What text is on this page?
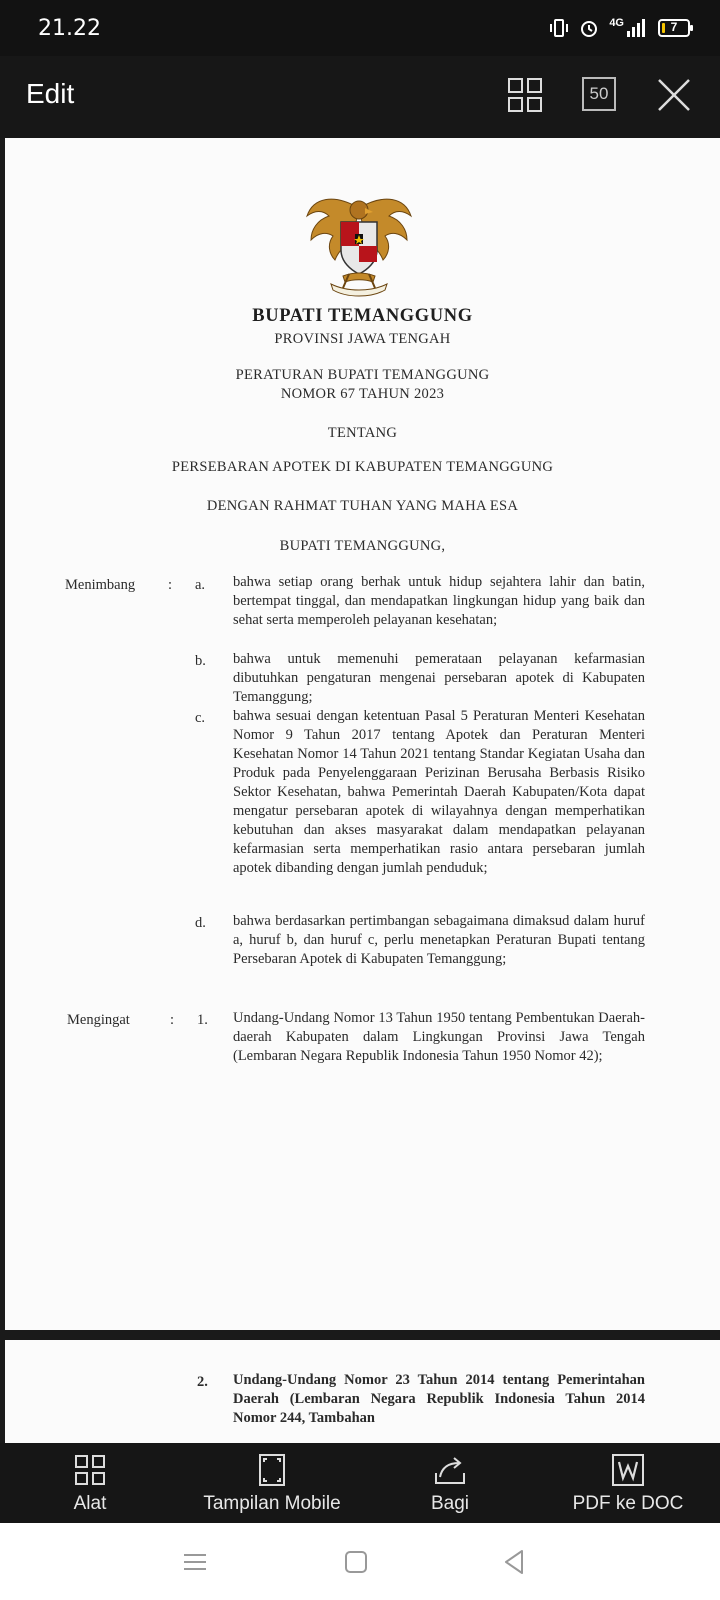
21.22	4G	7
Edit	50
BUPATI TEMANGGUNG
PROVINSI JAWA TENGAH
PERATURAN BUPATI TEMANGGUNG
NOMOR 67 TAHUN 2023
TENTANG
PERSEBARAN APOTEK DI KABUPATEN TEMANGGUNG
DENGAN RAHMAT TUHAN YANG MAHA ESA
BUPATI TEMANGGUNG,
Menimbang : a. bahwa setiap orang berhak untuk hidup sejahtera lahir dan batin, bertempat tinggal, dan mendapatkan lingkungan hidup yang baik dan sehat serta memperoleh pelayanan kesehatan;
b. bahwa untuk memenuhi pemerataan pelayanan kefarmasian dibutuhkan pengaturan mengenai persebaran apotek di Kabupaten Temanggung;
c. bahwa sesuai dengan ketentuan Pasal 5 Peraturan Menteri Kesehatan Nomor 9 Tahun 2017 tentang Apotek dan Peraturan Menteri Kesehatan Nomor 14 Tahun 2021 tentang Standar Kegiatan Usaha dan Produk pada Penyelenggaraan Perizinan Berusaha Berbasis Risiko Sektor Kesehatan, bahwa Pemerintah Daerah Kabupaten/Kota dapat mengatur persebaran apotek di wilayahnya dengan memperhatikan kebutuhan dan akses masyarakat dalam mendapatkan pelayanan kefarmasian serta memperhatikan rasio antara persebaran jumlah apotek dibanding dengan jumlah penduduk;
d. bahwa berdasarkan pertimbangan sebagaimana dimaksud dalam huruf a, huruf b, dan huruf c, perlu menetapkan Peraturan Bupati tentang Persebaran Apotek di Kabupaten Temanggung;
Mengingat	: 1. Undang-Undang Nomor 13 Tahun 1950 tentang Pembentukan Daerah-daerah Kabupaten dalam Lingkungan Provinsi Jawa Tengah (Lembaran Negara Republik Indonesia Tahun 1950 Nomor 42);
2. Undang-Undang Nomor 23 Tahun 2014 tentang Pemerintahan Daerah (Lembaran Negara Republik Indonesia Tahun 2014 Nomor 244, Tambahan
Alat	Tampilan Mobile	Bagi	PDF ke DOC
